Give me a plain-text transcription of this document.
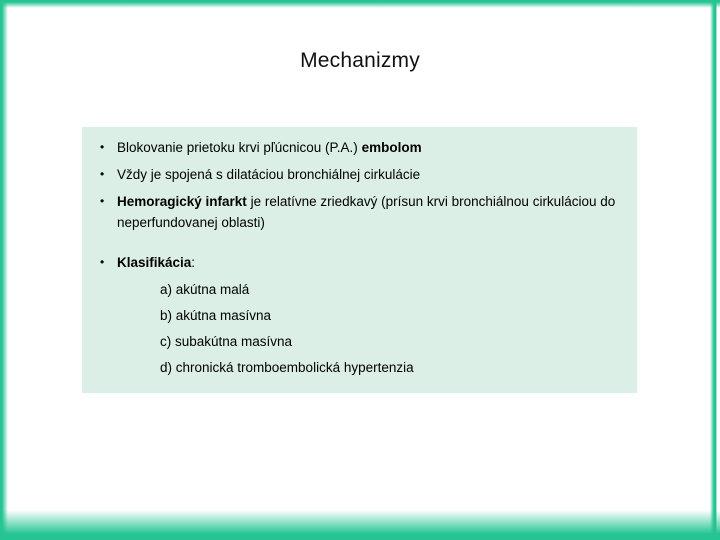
Mechanizmy
• Blokovanie prietoku krvi pľúcnicou (P.A.) embolom
• Vždy je spojená s dilatáciou bronchiálnej cirkulácie
• Hemoragický infarkt je relatívne zriedkavý (prísun krvi bronchiálnou cirkuláciou do neperfundovanej oblasti)
• Klasifikácia:
a) akútna malá
b) akútna masívna
c) subakútna masívna
d) chronická tromboembolická hypertenzia
